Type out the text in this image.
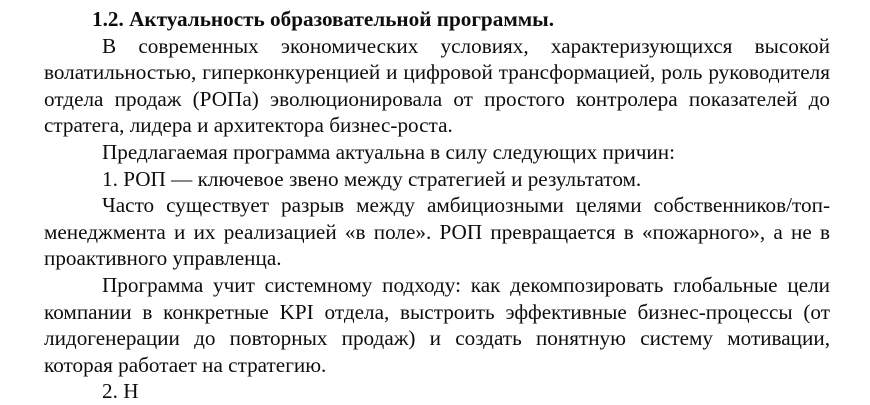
1.2. Актуальность образовательной программы.

В современных экономических условиях, характеризующихся высокой волатильностью, гиперконкуренцией и цифровой трансформацией, роль руководителя отдела продаж (РОПа) эволюционировала от простого контролера показателей до стратега, лидера и архитектора бизнес-роста.

Предлагаемая программа актуальна в силу следующих причин:

1. РОП — ключевое звено между стратегией и результатом.

Часто существует разрыв между амбициозными целями собственников/топ-менеджмента и их реализацией «в поле». РОП превращается в «пожарного», а не в проактивного управленца.

Программа учит системному подходу: как декомпозировать глобальные цели компании в конкретные KPI отдела, выстроить эффективные бизнес-процессы (от лидогенерации до повторных продаж) и создать понятную систему мотивации, которая работает на стратегию.

2. Н
